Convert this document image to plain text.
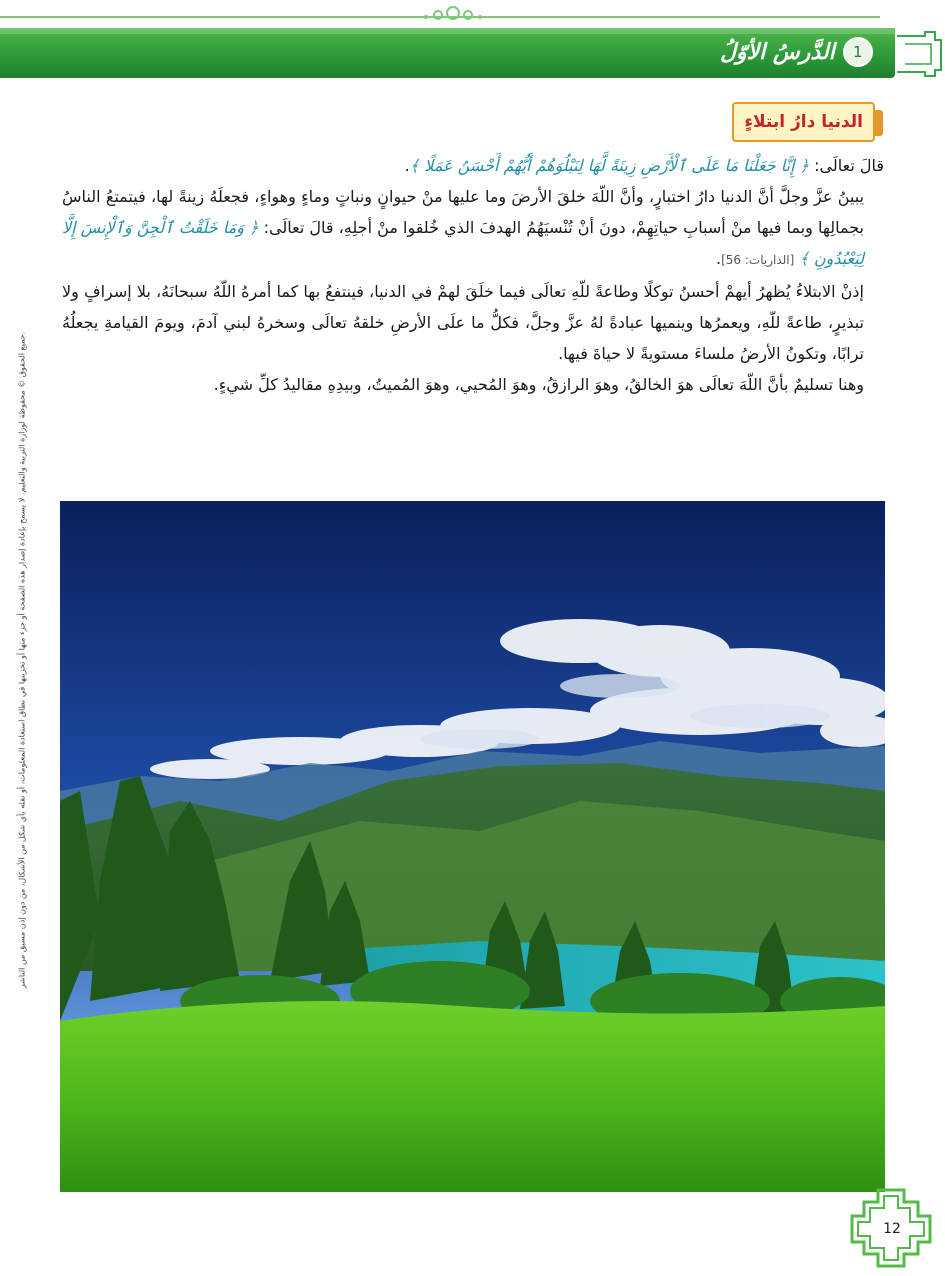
1
الدَّرسُ الأوّلُ
الدنيا دارُ ابتلاءٍ

قالَ تعالَى: ﴿ إِنَّا جَعَلْنَا مَا عَلَى ٱلْأَرْضِ زِينَةً لَّهَا لِنَبْلُوَهُمْ أَيُّهُمْ أَحْسَنُ عَمَلًا ﴾.

يبينُ عزَّ وجلَّ أنَّ الدنيا دارُ اختبارٍ، وأنَّ اللّهَ خلقَ الأرضَ وما عليها منْ حيوانٍ ونباتٍ وماءٍ وهواءٍ، فجعلَهُ زينةً لها، فيتمتعُ الناسُ بجمالِها وبما فيها منْ أسبابِ حياتِهِمْ، دونَ أنْ تُنْسيَهُمُ الهدفَ الذي خُلقوا منْ أجلِهِ، قالَ تعالَى: ﴿ وَمَا خَلَقْتُ ٱلْجِنَّ وَٱلْإِنسَ إِلَّا لِيَعْبُدُونِ ﴾ [الذاريات: 56].

إذنْ الابتلاءُ يُظهرُ أيهمْ أحسنُ توكلًا وطاعةً للّهِ تعالَى فيما خلَقَ لهمْ في الدنيا، فينتفعُ بها كما أمرهُ اللّهُ سبحانَهُ، بلا إسرافٍ ولا تبذيرٍ، طاعةً للّهِ، ويعمرُها وينميها عبادةً لهُ عزَّ وجلَّ، فكلُّ ما علَى الأرضِ خلقهُ تعالَى وسخرهُ لبني آدمَ، ويومَ القيامةِ يجعلُهُ ترابًا، وتكونُ الأرضُ ملساءَ مستويةً لا حياةَ فيها.

وهنا تسليمٌ بأنَّ اللّهَ تعالَى هوَ الخالقُ، وهوَ الرازقُ، وهوَ المُحيي، وهوَ المُميتُ، وبيدِهِ مقاليدُ كلِّ شيءٍ.

جميع الحقوق © محفوظة لوزارة التربية والتعليم. لا يسمح بإعادة إصدار هذه الصفحة أو جزء منها أو تخزينها في نطاق استعادة المعلومات، أو نقله بأي شكل من الأشكال، من دون إذن مسبق من الناشر.
12
